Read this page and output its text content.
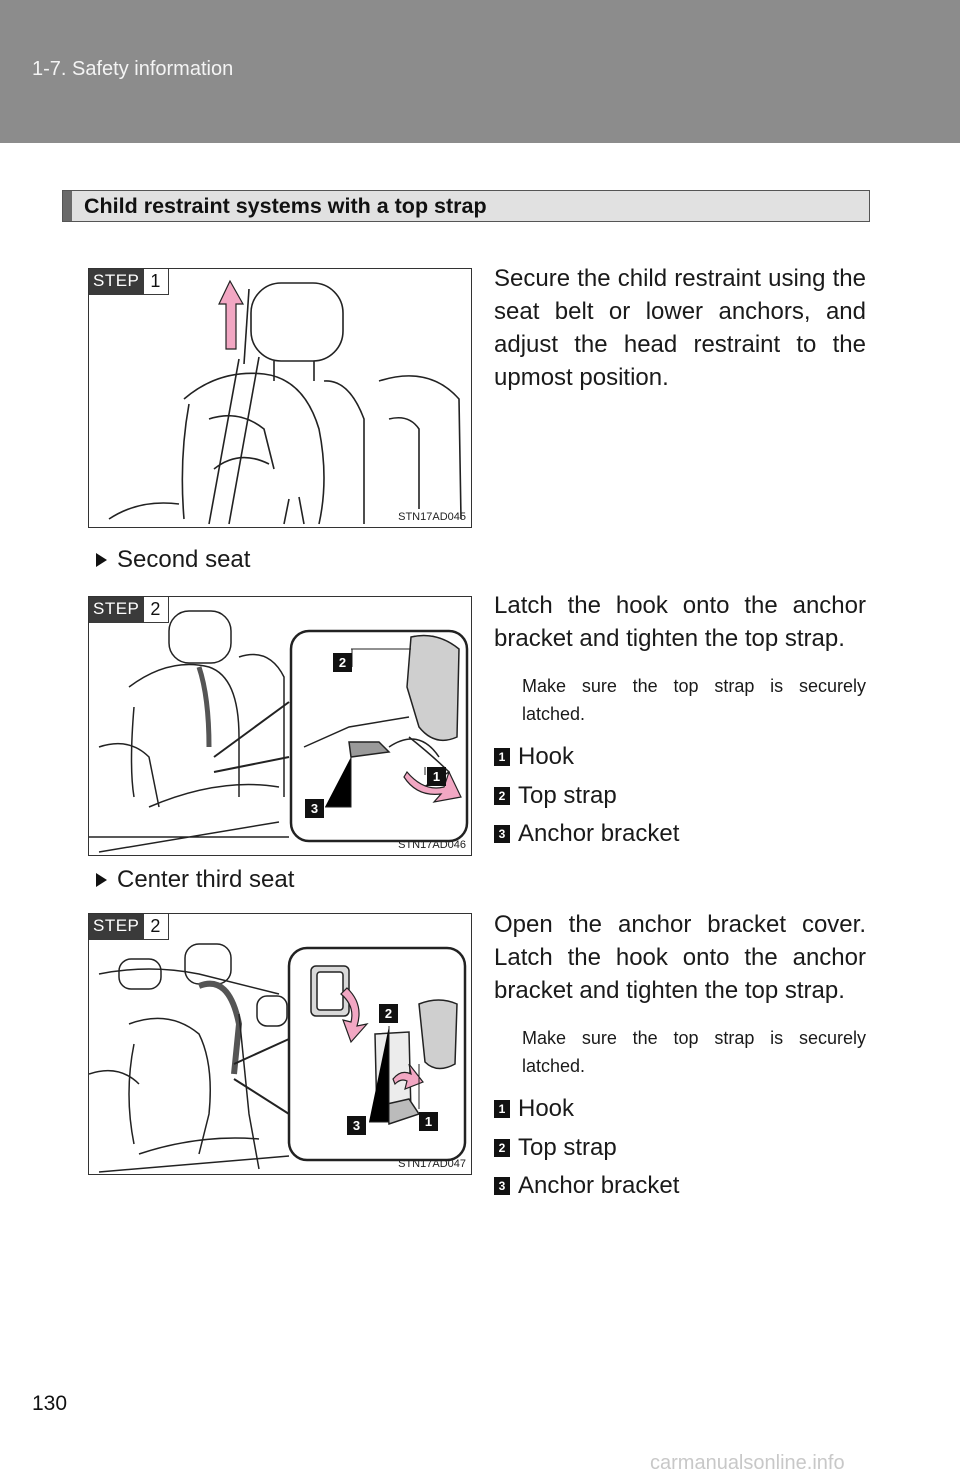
1-7. Safety information
Child restraint systems with a top strap
STEP 1
STN17AD045
Secure the child restraint using the seat belt or lower anchors, and adjust the head restraint to the upmost position.
Second seat
2
1
3
STEP 2
STN17AD046
Latch the hook onto the anchor bracket and tighten the top strap.
Make sure the top strap is securely latched.
1 Hook
2 Top strap
3 Anchor bracket
Center third seat
2
1
3
STEP 2
STN17AD047
Open the anchor bracket cover. Latch the hook onto the anchor bracket and tighten the top strap.
Make sure the top strap is securely latched.
1 Hook
2 Top strap
3 Anchor bracket
130
carmanualsonline.info
